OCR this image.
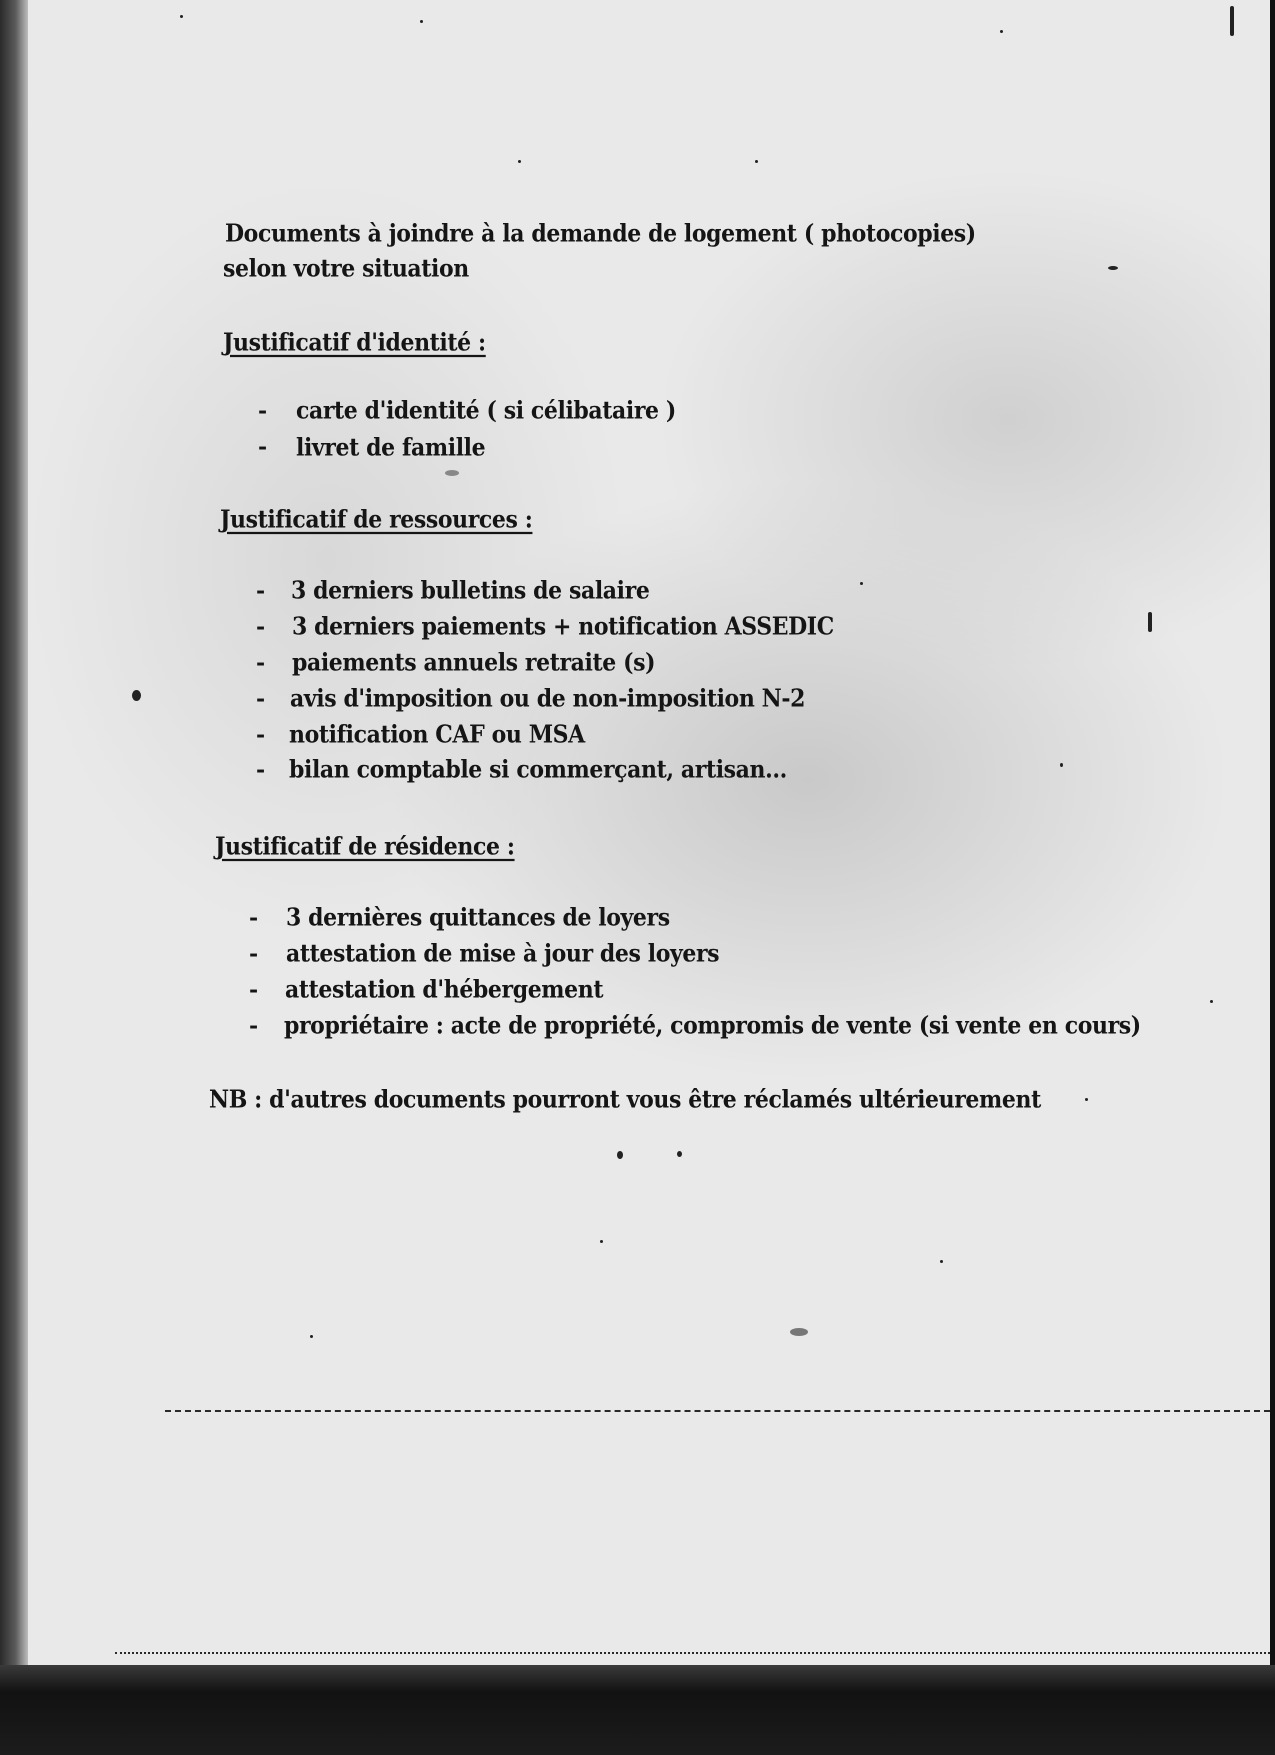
Documents à joindre à la demande de logement ( photocopies)
selon votre situation
Justificatif d'identité :
- carte d'identité ( si célibataire )
- livret de famille
Justificatif de ressources :
- 3 derniers bulletins de salaire
- 3 derniers paiements + notification ASSEDIC
- paiements annuels retraite (s)
- avis d'imposition ou de non-imposition N-2
- notification CAF ou MSA
- bilan comptable si commerçant, artisan...
Justificatif de résidence :
- 3 dernières quittances de loyers
- attestation de mise à jour des loyers
- attestation d'hébergement
- propriétaire : acte de propriété, compromis de vente (si vente en cours)
NB : d'autres documents pourront vous être réclamés ultérieurement
